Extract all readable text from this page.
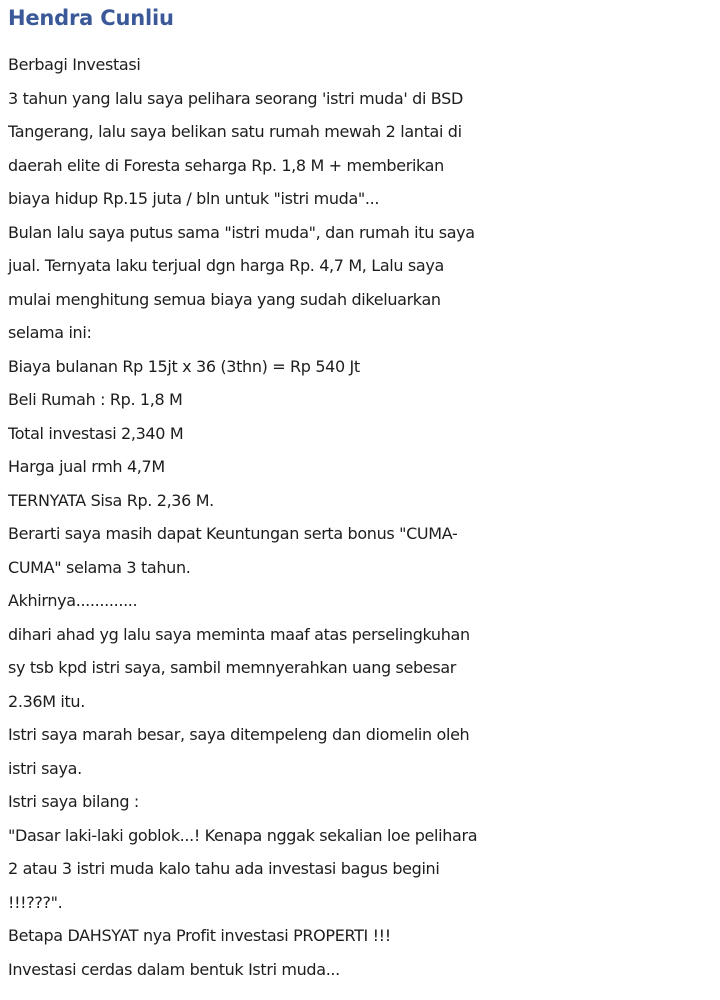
Hendra Cunliu
Berbagi Investasi
3 tahun yang lalu saya pelihara seorang 'istri muda' di BSD
Tangerang, lalu saya belikan satu rumah mewah 2 lantai di
daerah elite di Foresta seharga Rp. 1,8 M + memberikan
biaya hidup Rp.15 juta / bln untuk "istri muda"...
Bulan lalu saya putus sama "istri muda", dan rumah itu saya
jual. Ternyata laku terjual dgn harga Rp. 4,7 M, Lalu saya
mulai menghitung semua biaya yang sudah dikeluarkan
selama ini:
Biaya bulanan Rp 15jt x 36 (3thn) = Rp 540 Jt
Beli Rumah : Rp. 1,8 M
Total investasi 2,340 M
Harga jual rmh 4,7M
TERNYATA Sisa Rp. 2,36 M.
Berarti saya masih dapat Keuntungan serta bonus "CUMA-
CUMA" selama 3 tahun.
Akhirnya.............
dihari ahad yg lalu saya meminta maaf atas perselingkuhan
sy tsb kpd istri saya, sambil memnyerahkan uang sebesar
2.36M itu.
Istri saya marah besar, saya ditempeleng dan diomelin oleh
istri saya.
Istri saya bilang :
"Dasar laki-laki goblok...! Kenapa nggak sekalian loe pelihara
2 atau 3 istri muda kalo tahu ada investasi bagus begini
!!!???".
Betapa DAHSYAT nya Profit investasi PROPERTI !!!
Investasi cerdas dalam bentuk Istri muda...
